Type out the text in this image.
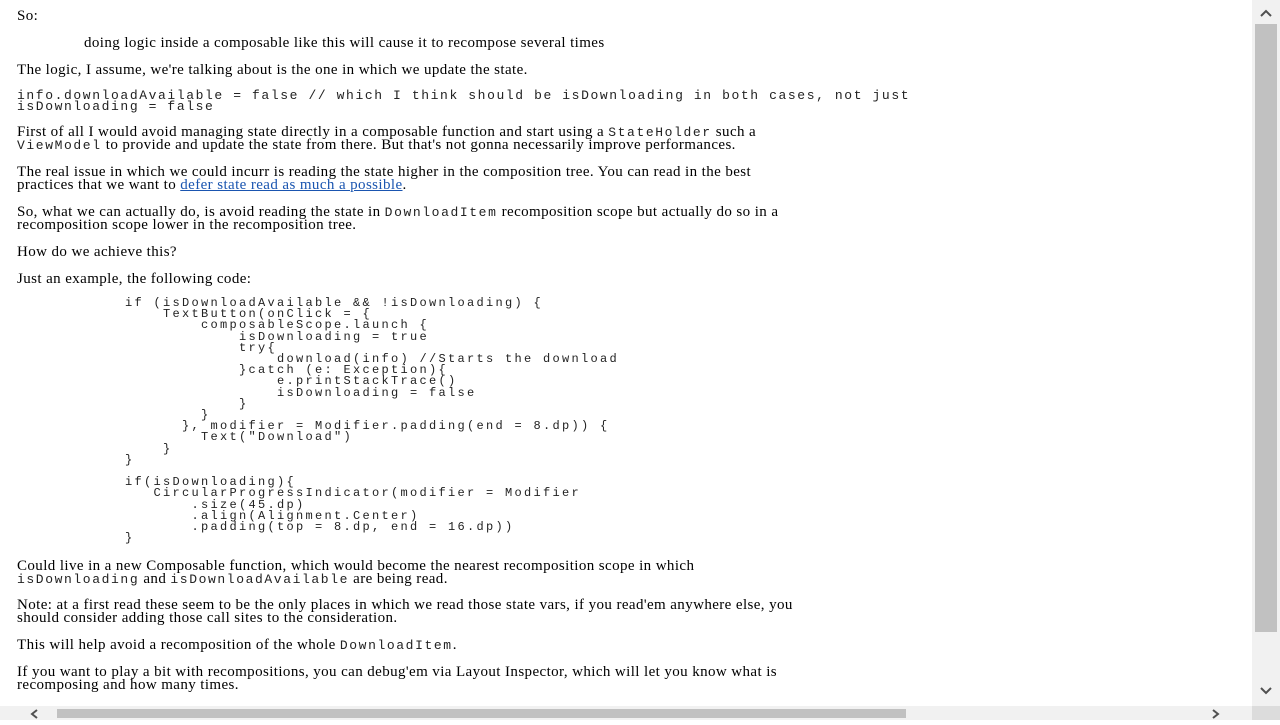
So:
doing logic inside a composable like this will cause it to recompose several times
The logic, I assume, we're talking about is the one in which we update the state.
info.downloadAvailable = false // which I think should be isDownloading in both cases, not just
isDownloading = false
First of all I would avoid managing state directly in a composable function and start using a StateHolder such a
ViewModel to provide and update the state from there. But that's not gonna necessarily improve performances.
The real issue in which we could incurr is reading the state higher in the composition tree. You can read in the best
practices that we want to defer state read as much a possible.
So, what we can actually do, is avoid reading the state in DownloadItem recomposition scope but actually do so in a
recomposition scope lower in the recomposition tree.
How do we achieve this?
Just an example, the following code:
if (isDownloadAvailable && !isDownloading) {
TextButton(onClick = {
composableScope.launch {
isDownloading = true
try{
download(info) //Starts the download
}catch (e: Exception){
e.printStackTrace()
isDownloading = false
}
}
}, modifier = Modifier.padding(end = 8.dp)) {
Text("Download")
}
}

if(isDownloading){
CircularProgressIndicator(modifier = Modifier
.size(45.dp)
.align(Alignment.Center)
.padding(top = 8.dp, end = 16.dp))
}
Could live in a new Composable function, which would become the nearest recomposition scope in which
isDownloading and isDownloadAvailable are being read.
Note: at a first read these seem to be the only places in which we read those state vars, if you read'em anywhere else, you
should consider adding those call sites to the consideration.
This will help avoid a recomposition of the whole DownloadItem.
If you want to play a bit with recompositions, you can debug'em via Layout Inspector, which will let you know what is
recomposing and how many times.
